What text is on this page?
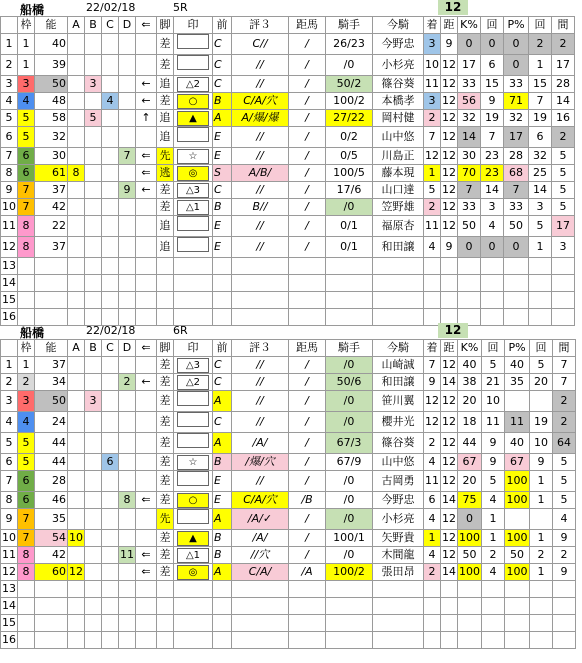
船橋	22/02/18	5R	12
	枠	能	A	B	C	D	⇐	脚	印	前	評３	距馬	騎手	今騎	着	距	K%	回	P%	回	間
1	1	40						差		C	C//	/	26/23	今野忠	3	9	0	0	0	2	2
2	1	39						差		C	//	/	/0	小杉亮	10	12	17	6	0	1	17
3	3	50		3			←	追	△2	C	//	/	50/2	篠谷葵	11	12	33	15	33	15	28
4	4	48			4		←	差	○	B	C/A/穴	/	100/2	本橋孝	3	12	56	9	71	7	14
5	5	58		5			↑	追	▲	A	A/爆/爆	/	27/22	岡村健	2	12	32	19	32	19	16
6	5	32						追		E	//	/	0/2	山中悠	7	12	14	7	17	6	2
7	6	30				7	⇐	先	☆	E	//	/	0/5	川島正	12	12	30	23	28	32	5
8	6	61	8				⇐	逃	◎	S	A/B/	/	100/5	藤本現	1	12	70	23	68	25	5
9	7	37				9	←	差	△3	C	//	/	17/6	山口達	5	12	7	14	7	14	5
10	7	42						差	△1	B	B//	/	/0	笠野雄	2	12	33	3	33	3	5
11	8	22						追		E	//	/	0/1	福原杏	11	12	50	4	50	5	17
12	8	37						追		E	//	/	0/1	和田譲	4	9	0	0	0	1	3
13																					
14																					
15																					
16																					
船橋	22/02/18	6R	12
	枠	能	A	B	C	D	⇐	脚	印	前	評３	距馬	騎手	今騎	着	距	K%	回	P%	回	間
1	1	37						差	△3	C	//	/	/0	山崎誠	7	12	40	5	40	5	7
2	2	34				2	←	差	△2	C	//	/	50/6	和田譲	9	14	38	21	35	20	7
3	3	50		3				差		A	//	/	/0	笹川翼	12	12	20	10			2
4	4	24						差		C	//	/	/0	櫻井光	12	12	18	11	11	19	2
5	5	44						差		A	/A/	/	67/3	篠谷葵	2	12	44	9	40	10	64
6	5	44			6			差	☆	B	/爆/穴	/	67/9	山中悠	4	12	67	9	67	9	5
7	6	28						差		E	//	/	/0	古岡勇	11	12	20	5	100	1	5
8	6	46				8	⇐	差	○	E	C/A/穴	/B	/0	今野忠	6	14	75	4	100	1	5
9	7	35						先		A	/A/✓	/	/0	小杉亮	4	12	0	1			4
10	7	54	10					差	▲	B	/A/	/	100/1	矢野貴	1	12	100	1	100	1	9
11	8	42				11	⇐	差	△1	B	//穴	/	/0	木間龍	4	12	50	2	50	2	2
12	8	60	12				⇐	差	◎	A	C/A/	/A	100/2	張田昂	2	14	100	4	100	1	9
13																					
14																					
15																					
16																					
